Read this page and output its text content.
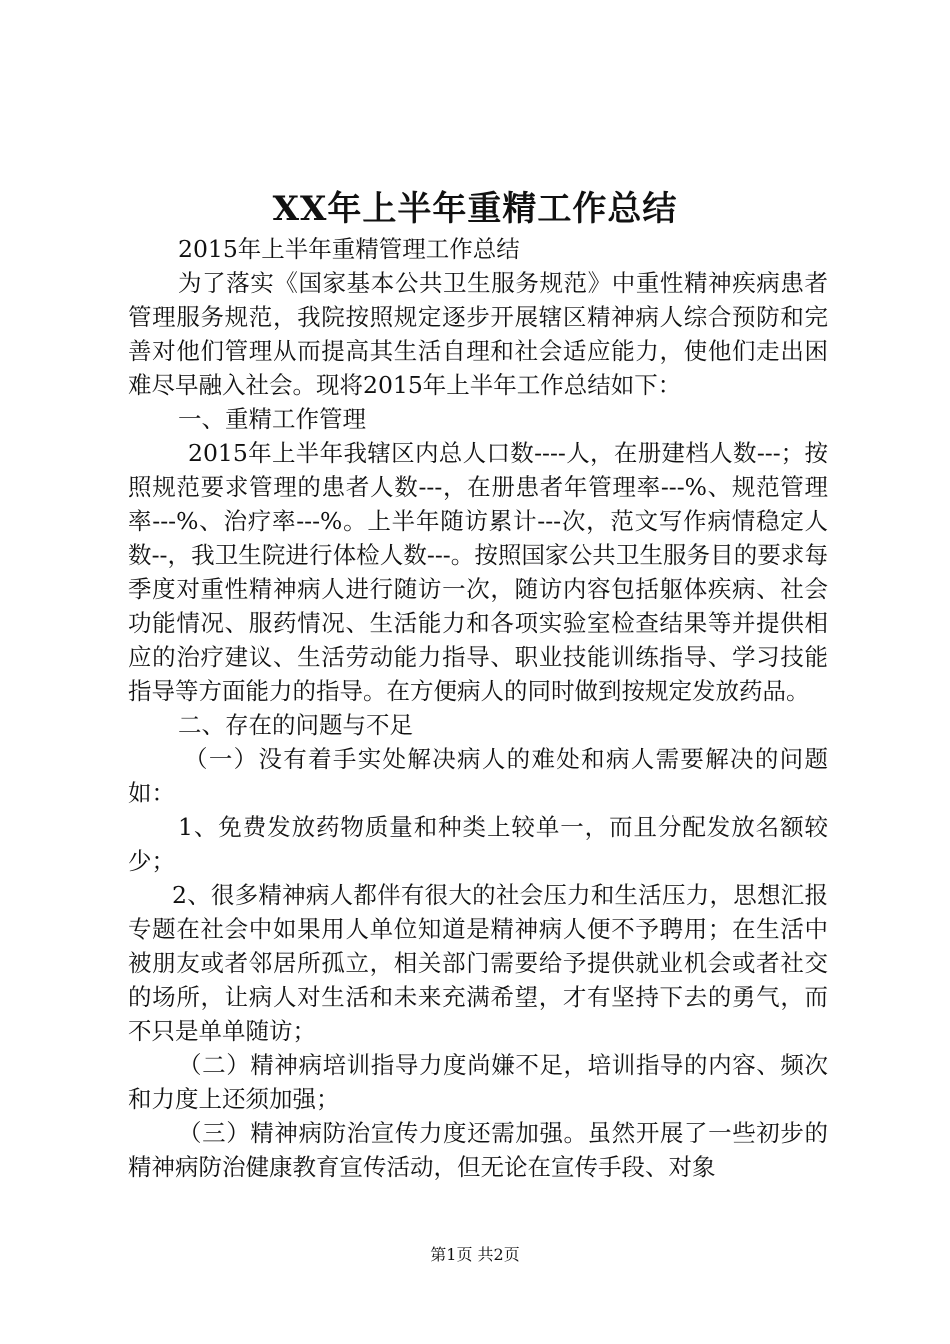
XX年上半年重精工作总结

2015年上半年重精管理工作总结

为了落实《国家基本公共卫生服务规范》中重性精神疾病患者管理服务规范，我院按照规定逐步开展辖区精神病人综合预防和完善对他们管理从而提高其生活自理和社会适应能力，使他们走出困难尽早融入社会。现将2015年上半年工作总结如下：

一、重精工作管理

2015年上半年我辖区内总人口数----人，在册建档人数---；按照规范要求管理的患者人数---，在册患者年管理率---%、规范管理率---%、治疗率---%。上半年随访累计---次，范文写作病情稳定人数--，我卫生院进行体检人数---。按照国家公共卫生服务目的要求每季度对重性精神病人进行随访一次，随访内容包括躯体疾病、社会功能情况、服药情况、生活能力和各项实验室检查结果等并提供相应的治疗建议、生活劳动能力指导、职业技能训练指导、学习技能指导等方面能力的指导。在方便病人的同时做到按规定发放药品。

二、存在的问题与不足

（一）没有着手实处解决病人的难处和病人需要解决的问题如：

1、免费发放药物质量和种类上较单一，而且分配发放名额较少；

2、很多精神病人都伴有很大的社会压力和生活压力，思想汇报专题在社会中如果用人单位知道是精神病人便不予聘用；在生活中被朋友或者邻居所孤立，相关部门需要给予提供就业机会或者社交的场所，让病人对生活和未来充满希望，才有坚持下去的勇气，而不只是单单随访；

（二）精神病培训指导力度尚嫌不足，培训指导的内容、频次和力度上还须加强；

（三）精神病防治宣传力度还需加强。虽然开展了一些初步的精神病防治健康教育宣传活动，但无论在宣传手段、对象

第1页 共2页
